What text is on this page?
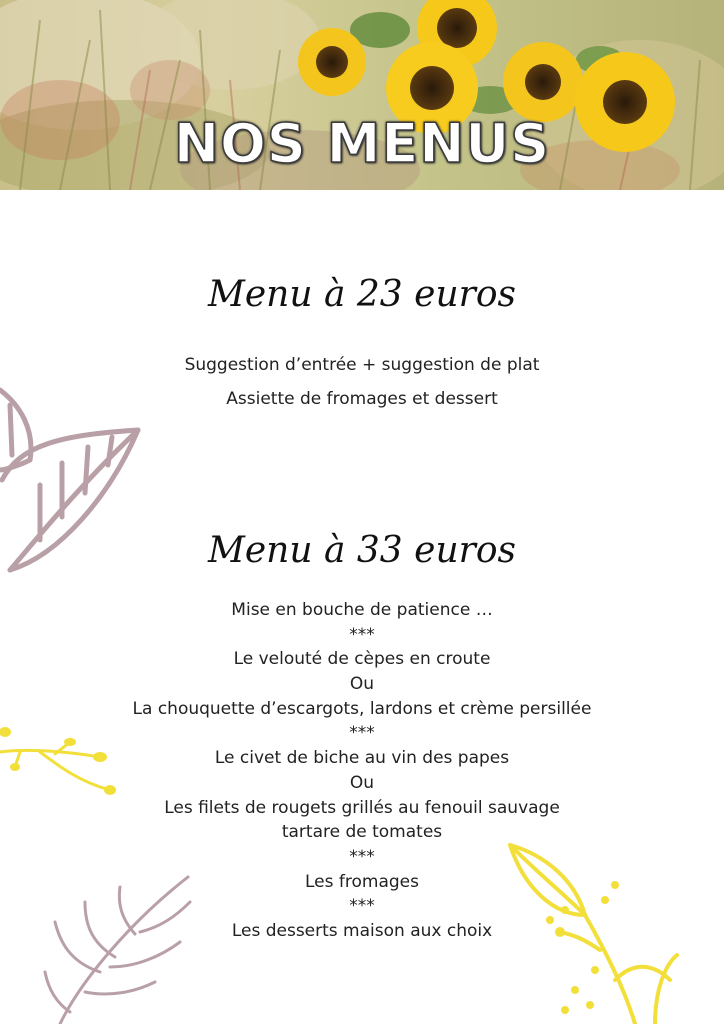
NOS MENUS
Menu à 23 euros
Suggestion d’entrée + suggestion de plat
Assiette de fromages et dessert
Menu à 33 euros
Mise en bouche de patience …
***
Le velouté de cèpes en croute
Ou
La chouquette d’escargots, lardons et crème persillée
***
Le civet de biche au vin des papes
Ou
Les filets de rougets grillés au fenouil sauvage
tartare de tomates
***
Les fromages
***
Les desserts maison aux choix
